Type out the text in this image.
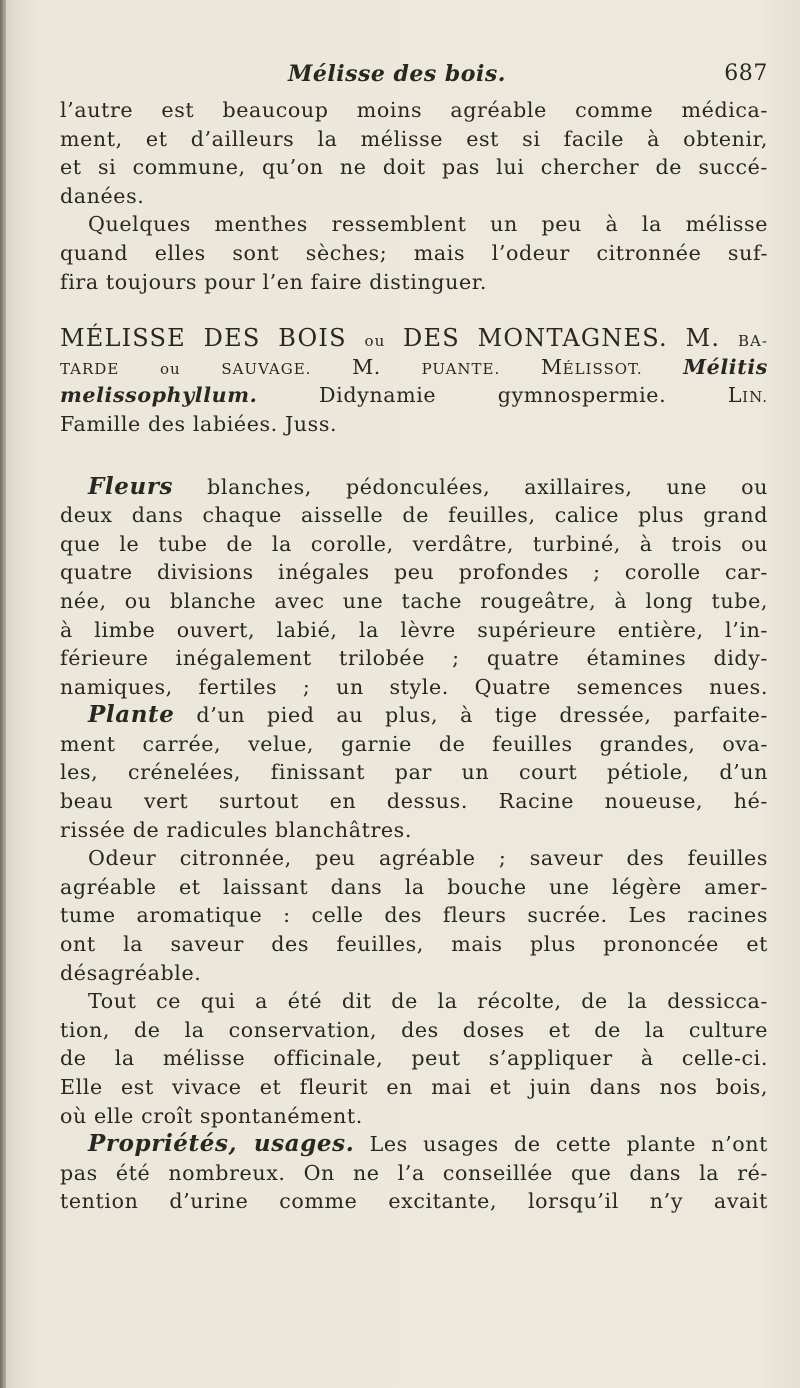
Mélisse des bois.	687
l’autre est beaucoup moins agréable comme médica-
ment, et d’ailleurs la mélisse est si facile à obtenir,
et si commune, qu’on ne doit pas lui chercher de succé-
danées.
Quelques menthes ressemblent un peu à la mélisse
quand elles sont sèches; mais l’odeur citronnée suf-
fira toujours pour l’en faire distinguer.
MÉLISSE DES BOIS ou DES MONTAGNES. M. BA-
TARDE	ou	SAUVAGE. M.	PUANTE. MÉLISSOT. Mélitis
melissophyllum.	Didynamie gymnospermie.	LIN.
Famille des labiées. Juss.
Fleurs blanches, pédonculées, axillaires, une ou
deux dans chaque aisselle de feuilles, calice plus grand
que le tube de la corolle, verdâtre, turbiné, à trois ou
quatre divisions inégales peu profondes ; corolle car-
née, ou blanche avec une tache rougeâtre, à long tube,
à limbe ouvert, labié, la lèvre supérieure entière, l’in-
férieure inégalement trilobée ; quatre étamines didy-
namiques, fertiles ; un style. Quatre semences nues.
Plante d’un pied au plus, à tige dressée, parfaite-
ment carrée, velue, garnie de feuilles grandes, ova-
les, crénelées, finissant par un court pétiole, d’un
beau vert surtout en dessus. Racine noueuse, hé-
rissée de radicules blanchâtres.
Odeur citronnée, peu agréable ; saveur des feuilles
agréable et laissant dans la bouche une légère amer-
tume aromatique : celle des fleurs sucrée. Les racines
ont la saveur des feuilles, mais plus prononcée et
désagréable.
Tout ce qui a été dit de la récolte, de la dessicca-
tion, de la conservation, des doses et de la culture
de la mélisse officinale, peut s’appliquer à celle-ci.
Elle est vivace et fleurit en mai et juin dans nos bois,
où elle croît spontanément.
Propriétés, usages. Les usages de cette plante n’ont
pas été nombreux. On ne l’a conseillée que dans la ré-
tention d’urine comme excitante, lorsqu’il n’y avait
